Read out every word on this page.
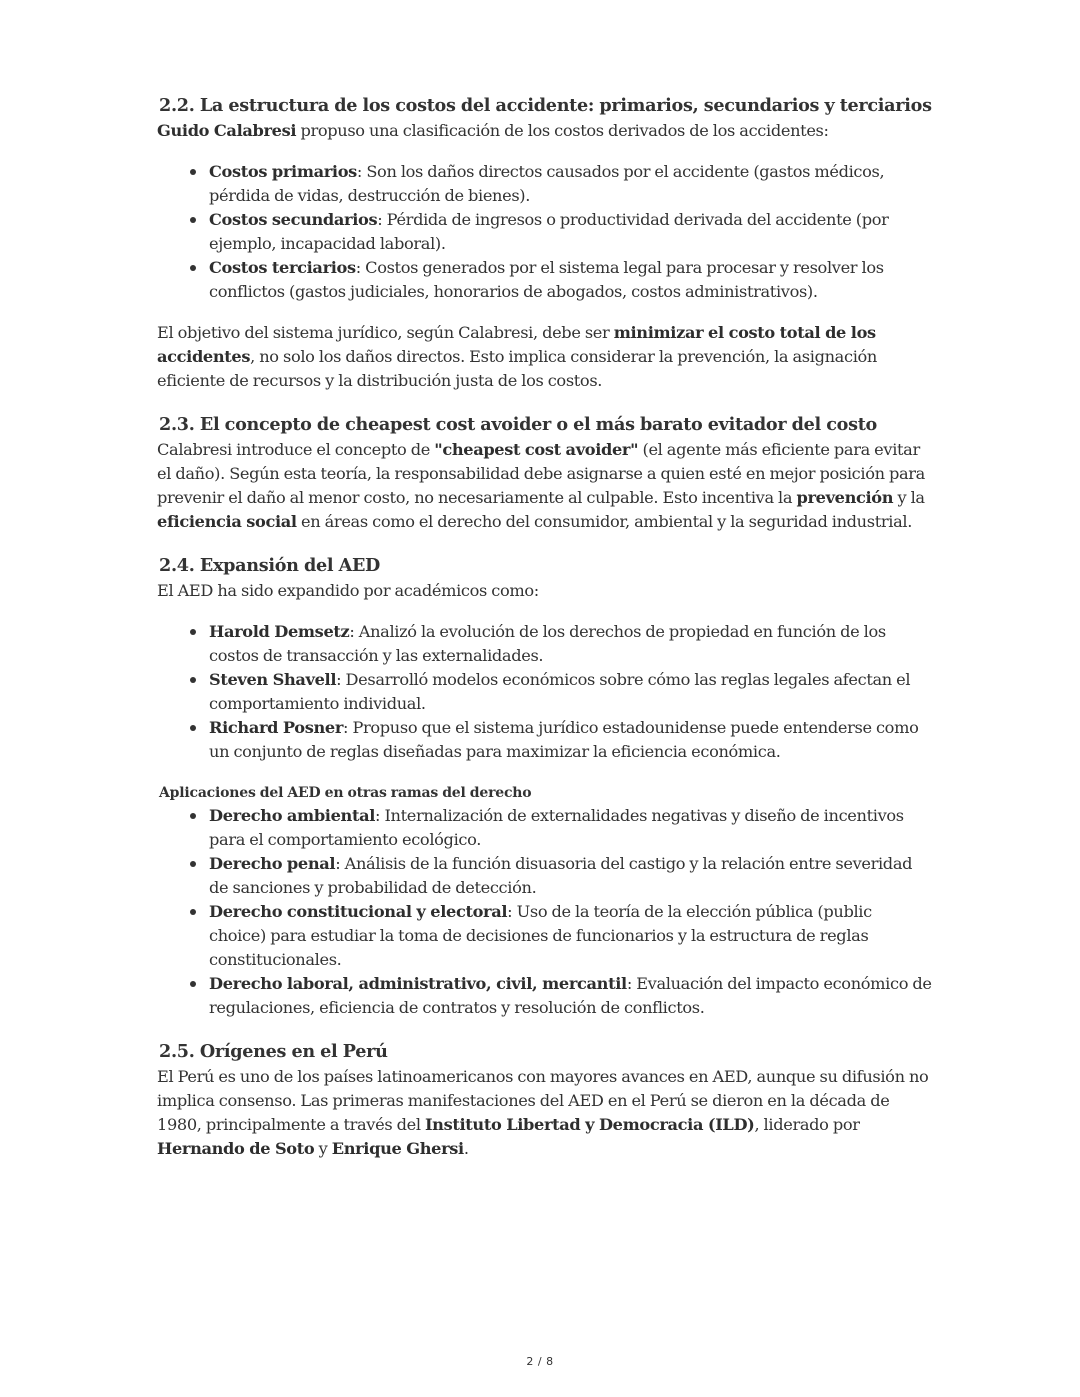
2.2. La estructura de los costos del accidente: primarios, secundarios y terciarios

Guido Calabresi propuso una clasificación de los costos derivados de los accidentes:

Costos primarios: Son los daños directos causados por el accidente (gastos médicos, pérdida de vidas, destrucción de bienes).
Costos secundarios: Pérdida de ingresos o productividad derivada del accidente (por ejemplo, incapacidad laboral).
Costos terciarios: Costos generados por el sistema legal para procesar y resolver los conflictos (gastos judiciales, honorarios de abogados, costos administrativos).

El objetivo del sistema jurídico, según Calabresi, debe ser minimizar el costo total de los accidentes, no solo los daños directos. Esto implica considerar la prevención, la asignación eficiente de recursos y la distribución justa de los costos.

2.3. El concepto de cheapest cost avoider o el más barato evitador del costo

Calabresi introduce el concepto de "cheapest cost avoider" (el agente más eficiente para evitar el daño). Según esta teoría, la responsabilidad debe asignarse a quien esté en mejor posición para prevenir el daño al menor costo, no necesariamente al culpable. Esto incentiva la prevención y la eficiencia social en áreas como el derecho del consumidor, ambiental y la seguridad industrial.

2.4. Expansión del AED

El AED ha sido expandido por académicos como:

Harold Demsetz: Analizó la evolución de los derechos de propiedad en función de los costos de transacción y las externalidades.
Steven Shavell: Desarrolló modelos económicos sobre cómo las reglas legales afectan el comportamiento individual.
Richard Posner: Propuso que el sistema jurídico estadounidense puede entenderse como un conjunto de reglas diseñadas para maximizar la eficiencia económica.
Aplicaciones del AED en otras ramas del derecho
Derecho ambiental: Internalización de externalidades negativas y diseño de incentivos para el comportamiento ecológico.
Derecho penal: Análisis de la función disuasoria del castigo y la relación entre severidad de sanciones y probabilidad de detección.
Derecho constitucional y electoral: Uso de la teoría de la elección pública (public choice) para estudiar la toma de decisiones de funcionarios y la estructura de reglas constitucionales.
Derecho laboral, administrativo, civil, mercantil: Evaluación del impacto económico de regulaciones, eficiencia de contratos y resolución de conflictos.
2.5. Orígenes en el Perú

El Perú es uno de los países latinoamericanos con mayores avances en AED, aunque su difusión no implica consenso. Las primeras manifestaciones del AED en el Perú se dieron en la década de 1980, principalmente a través del Instituto Libertad y Democracia (ILD), liderado por Hernando de Soto y Enrique Ghersi.

2 / 8
